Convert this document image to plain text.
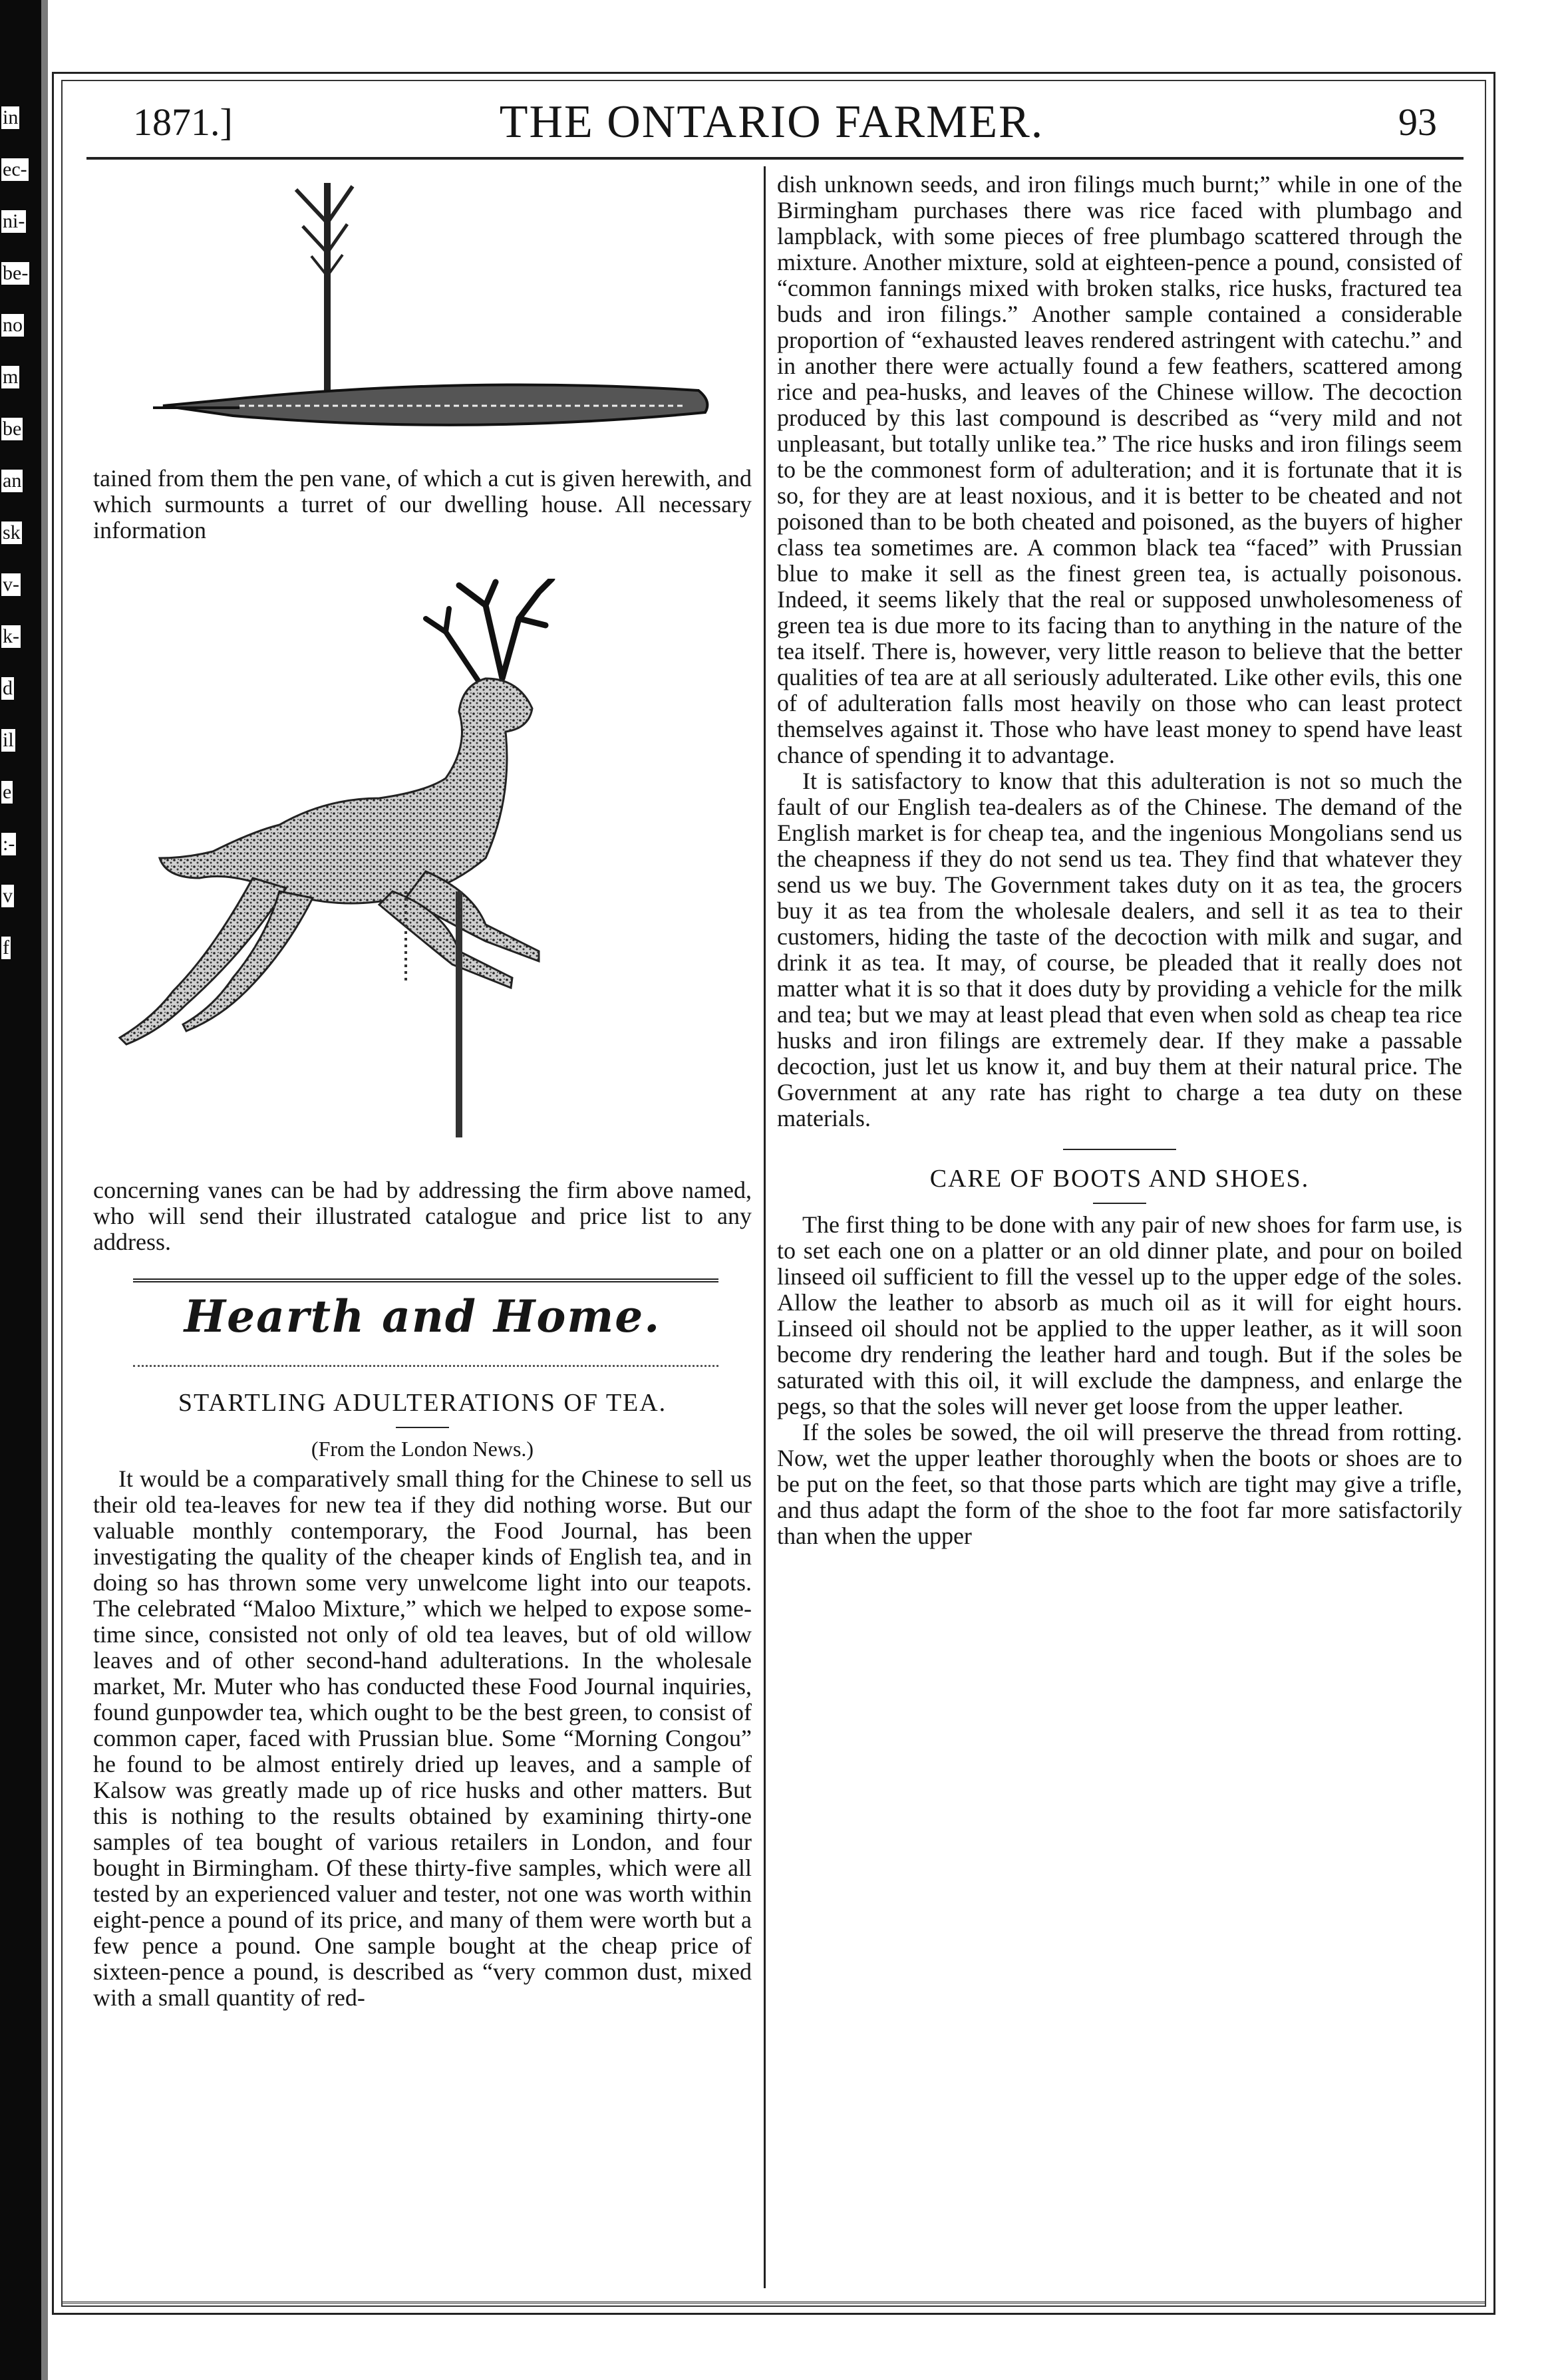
in
ec-
ni-
be-
no
m
be
an
sk
v-
k-
d
il
e
:-
v
f
1871.]	THE ONTARIO FARMER.	93

tained from them the pen vane, of which a cut is given herewith, and which surmounts a turret of our dwelling house. All necessary information

concerning vanes can be had by addressing the firm above named, who will send their illustrated catalogue and price list to any address.

Hearth and Home.
STARTLING ADULTERATIONS OF TEA.
(From the London News.)

It would be a comparatively small thing for the Chinese to sell us their old tea-leaves for new tea if they did nothing worse. But our valuable monthly contemporary, the Food Journal, has been investigating the quality of the cheaper kinds of English tea, and in doing so has thrown some very unwelcome light into our teapots. The celebrated “Maloo Mixture,” which we helped to expose some-time since, consisted not only of old tea leaves, but of old willow leaves and of other second-hand adulterations. In the wholesale market, Mr. Muter who has conducted these Food Journal inquiries, found gunpowder tea, which ought to be the best green, to consist of common caper, faced with Prussian blue. Some “Morning Congou” he found to be almost entirely dried up leaves, and a sample of Kalsow was greatly made up of rice husks and other matters. But this is nothing to the results obtained by examining thirty-one samples of tea bought of various retailers in London, and four bought in Birmingham. Of these thirty-five samples, which were all tested by an experienced valuer and tester, not one was worth within eight-pence a pound of its price, and many of them were worth but a few pence a pound. One sample bought at the cheap price of sixteen-pence a pound, is described as “very common dust, mixed with a small quantity of red-

dish unknown seeds, and iron filings much burnt;” while in one of the Birmingham purchases there was rice faced with plumbago and lampblack, with some pieces of free plumbago scattered through the mixture. Another mixture, sold at eighteen-pence a pound, consisted of “common fannings mixed with broken stalks, rice husks, fractured tea buds and iron filings.” Another sample contained a considerable proportion of “exhausted leaves rendered astringent with catechu.” and in another there were actually found a few feathers, scattered among rice and pea-husks, and leaves of the Chinese willow. The decoction produced by this last compound is described as “very mild and not unpleasant, but totally unlike tea.” The rice husks and iron filings seem to be the commonest form of adulteration; and it is fortunate that it is so, for they are at least noxious, and it is better to be cheated and not poisoned than to be both cheated and poisoned, as the buyers of higher class tea sometimes are. A common black tea “faced” with Prussian blue to make it sell as the finest green tea, is actually poisonous. Indeed, it seems likely that the real or supposed unwholesomeness of green tea is due more to its facing than to anything in the nature of the tea itself. There is, however, very little reason to believe that the better qualities of tea are at all seriously adulterated. Like other evils, this one of of adulteration falls most heavily on those who can least protect themselves against it. Those who have least money to spend have least chance of spending it to advantage.

It is satisfactory to know that this adulteration is not so much the fault of our English tea-dealers as of the Chinese. The demand of the English market is for cheap tea, and the ingenious Mongolians send us the cheapness if they do not send us tea. They find that whatever they send us we buy. The Government takes duty on it as tea, the grocers buy it as tea from the wholesale dealers, and sell it as tea to their customers, hiding the taste of the decoction with milk and sugar, and drink it as tea. It may, of course, be pleaded that it really does not matter what it is so that it does duty by providing a vehicle for the milk and tea; but we may at least plead that even when sold as cheap tea rice husks and iron filings are extremely dear. If they make a passable decoction, just let us know it, and buy them at their natural price. The Government at any rate has right to charge a tea duty on these materials.

CARE OF BOOTS AND SHOES.

The first thing to be done with any pair of new shoes for farm use, is to set each one on a platter or an old dinner plate, and pour on boiled linseed oil sufficient to fill the vessel up to the upper edge of the soles. Allow the leather to absorb as much oil as it will for eight hours. Linseed oil should not be applied to the upper leather, as it will soon become dry rendering the leather hard and tough. But if the soles be saturated with this oil, it will exclude the dampness, and enlarge the pegs, so that the soles will never get loose from the upper leather.

If the soles be sowed, the oil will preserve the thread from rotting. Now, wet the upper leather thoroughly when the boots or shoes are to be put on the feet, so that those parts which are tight may give a trifle, and thus adapt the form of the shoe to the foot far more satisfactorily than when the upper
